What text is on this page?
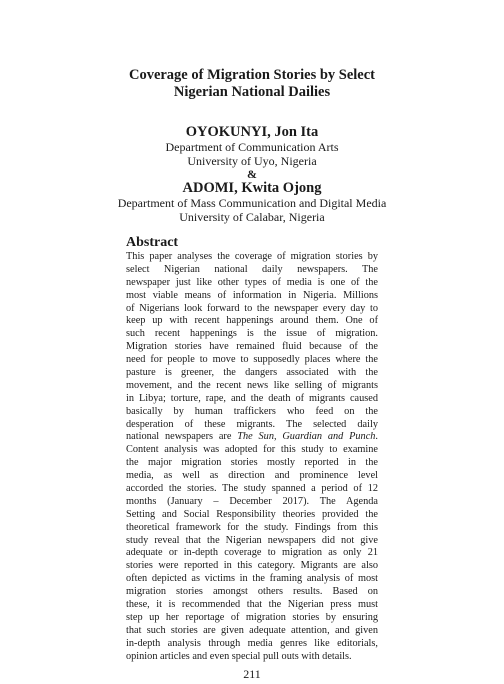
Coverage of Migration Stories by Select
Nigerian National Dailies
OYOKUNYI, Jon Ita
Department of Communication Arts
University of Uyo, Nigeria
&
ADOMI, Kwita Ojong
Department of Mass Communication and Digital Media
University of Calabar, Nigeria
Abstract
This paper analyses the coverage of migration stories by
select Nigerian national daily newspapers. The
newspaper just like other types of media is one of the
most viable means of information in Nigeria. Millions
of Nigerians look forward to the newspaper every day to
keep up with recent happenings around them. One of
such recent happenings is the issue of migration.
Migration stories have remained fluid because of the
need for people to move to supposedly places where the
pasture is greener, the dangers associated with the
movement, and the recent news like selling of migrants
in Libya; torture, rape, and the death of migrants caused
basically by human traffickers who feed on the
desperation of these migrants. The selected daily
national newspapers are The Sun, Guardian and Punch.
Content analysis was adopted for this study to examine
the major migration stories mostly reported in the
media, as well as direction and prominence level
accorded the stories. The study spanned a period of 12
months (January – December 2017). The Agenda
Setting and Social Responsibility theories provided the
theoretical framework for the study. Findings from this
study reveal that the Nigerian newspapers did not give
adequate or in-depth coverage to migration as only 21
stories were reported in this category. Migrants are also
often depicted as victims in the framing analysis of most
migration stories amongst others results. Based on
these, it is recommended that the Nigerian press must
step up her reportage of migration stories by ensuring
that such stories are given adequate attention, and given
in-depth analysis through media genres like editorials,
opinion articles and even special pull outs with details.
211
